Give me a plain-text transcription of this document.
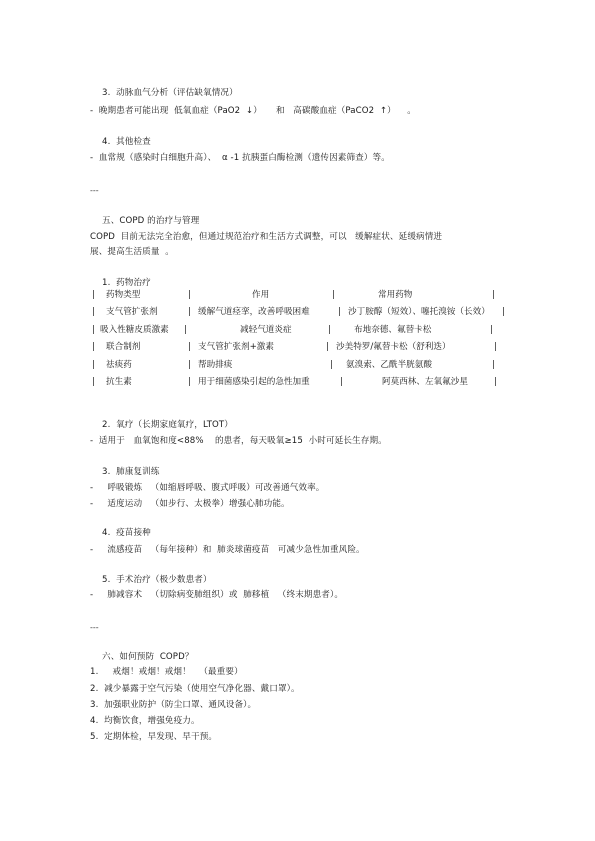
3.  动脉血气分析（评估缺氧情况）
-  晚期患者可能出现  低氧血症（PaO2  ↓）     和   高碳酸血症（PaCO2  ↑）    。
4.  其他检查
-  血常规（感染时白细胞升高）、  α -1 抗胰蛋白酶检测（遗传因素筛查）等。
---
五、COPD 的治疗与管理
COPD  目前无法完全治愈，但通过规范治疗和生活方式调整，可以   缓解症状、延缓病情进
展、提高生活质量  。
1.  药物治疗
| 药物类型	|	作用	|	常用药物	|
| 支气管扩张剂	| 缓解气道痉挛，改善呼吸困难	| 沙丁胺醇（短效）、噻托溴铵（长效） |
| 吸入性糖皮质激素 |	减轻气道炎症	|	布地奈德、氟替卡松	|
| 联合制剂	| 支气管扩张剂+激素	| 沙美特罗/氟替卡松（舒利迭）	|
| 祛痰药	| 帮助排痰	| 氨溴索、乙酰半胱氨酸	|
| 抗生素	| 用于细菌感染引起的急性加重	|	阿莫西林、左氧氟沙星	|
2.  氧疗（长期家庭氧疗，LTOT）
-  适用于   血氧饱和度<88%    的患者，每天吸氧≥15  小时可延长生存期。
3.  肺康复训练
-     呼吸锻炼   （如缩唇呼吸、腹式呼吸）可改善通气效率。
-     适度运动   （如步行、太极拳）增强心肺功能。
4.  疫苗接种
-     流感疫苗   （每年接种）和  肺炎球菌疫苗   可减少急性加重风险。
5.  手术治疗（极少数患者）
-     肺减容术   （切除病变肺组织）或  肺移植   （终末期患者）。
---
六、如何预防  COPD？
1.     戒烟！戒烟！戒烟！   （最重要）
2.  减少暴露于空气污染（使用空气净化器、戴口罩）。
3.  加强职业防护（防尘口罩、通风设备）。
4.  均衡饮食，增强免疫力。
5.  定期体检，早发现、早干预。
